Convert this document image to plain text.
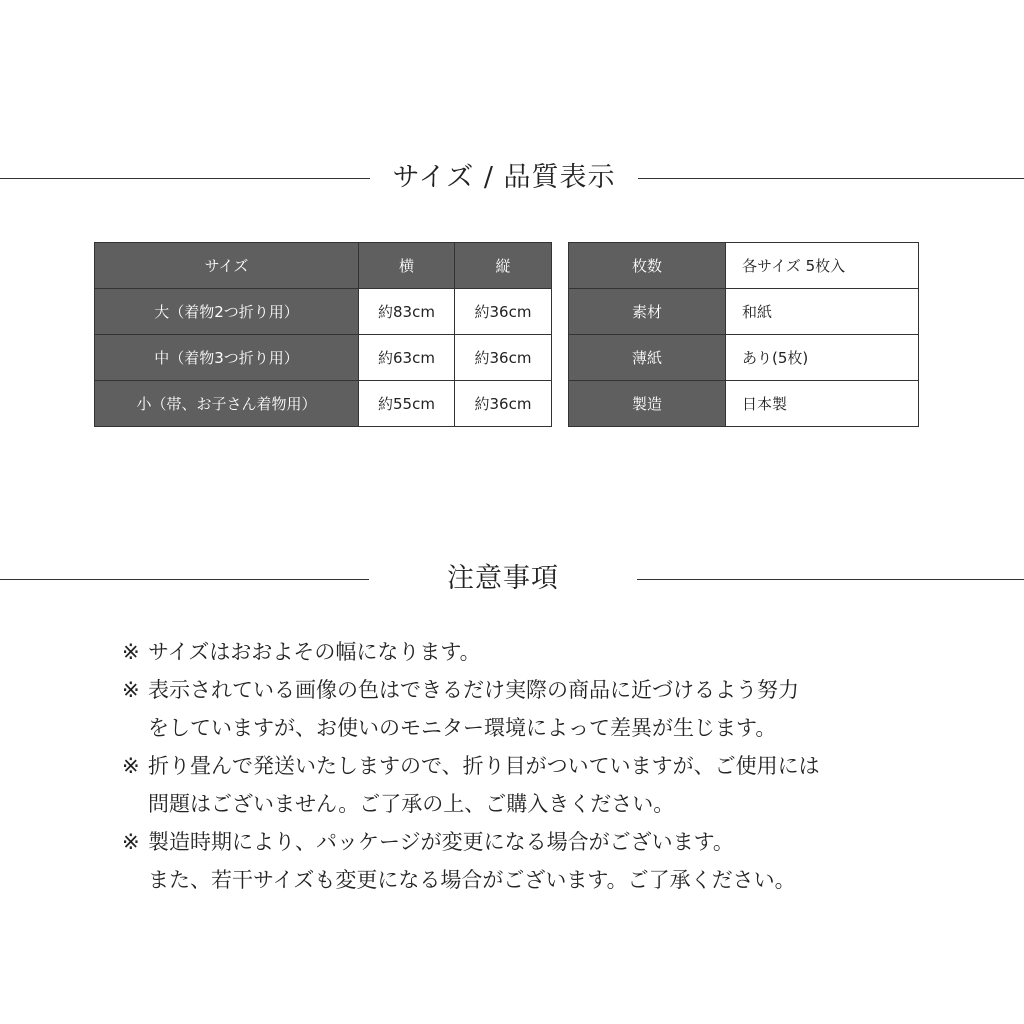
サイズ / 品質表示
サイズ	横	縦
大（着物2つ折り用）	約83cm	約36cm
中（着物3つ折り用）	約63cm	約36cm
小（帯、お子さん着物用）	約55cm	約36cm
枚数	各サイズ 5枚入
素材	和紙
薄紙	あり(5枚)
製造	日本製
注意事項
※ サイズはおおよその幅になります。
※ 表示されている画像の色はできるだけ実際の商品に近づけるよう努力
をしていますが、お使いのモニター環境によって差異が生じます。
※ 折り畳んで発送いたしますので、折り目がついていますが、ご使用には
問題はございません。ご了承の上、ご購入きください。
※ 製造時期により、パッケージが変更になる場合がございます。
また、若干サイズも変更になる場合がございます。ご了承ください。
